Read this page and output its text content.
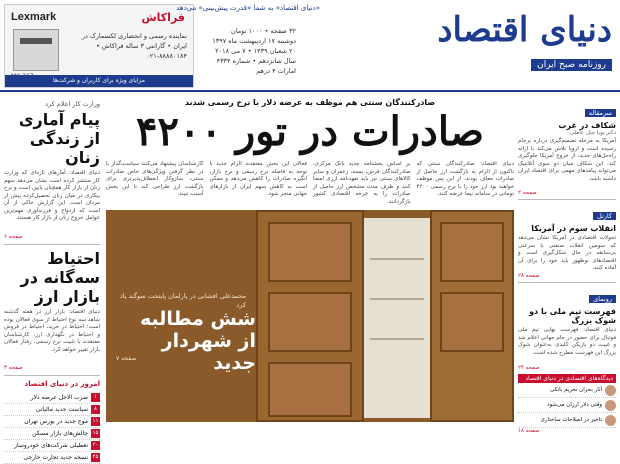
Lexmark	فراکاش
نماینده رسمی و انحصاری لکسمارک در ایران • گارانتی ۳ ساله فراکاش • ۸۸۸۸۰۱۸۴-۰۲۱
مزایای ویژه برای کاربران و شرکت‌ها
«دنیای اقتصاد» به شما «قدرت پیش‌بینی» می‌دهد
۳۲ صفحه • ۱۰۰۰ تومان
دوشنبه ۱۷ اردیبهشت ماه ۱۳۹۷
۲۰ شعبان ۱۴۳۹ • ۷ می ۲۰۱۸
سال شانزدهم • شماره ۴۳۳۴
امارات ۴ درهم
دنیای اقتصاد
روزنامه صبح ایران
وزارت کار اعلام کرد
پیام آماری از زندگی زنان
دنیای اقتصاد: آمارهای تازه‌ای که وزارت کار منتشر کرده است نشان می‌دهد سهم زنان از بازار کار همچنان پایین است و نرخ بیکاری در میان زنان تحصیل‌کرده بیش از مردان است. این گزارش حاکی از آن است که ازدواج و فرزندآوری مهم‌ترین عوامل خروج زنان از بازار کار هستند.
صفحه ۶
احتیاط سه‌گانه در بازار ارز
دنیای اقتصاد: بازار ارز در هفته گذشته شاهد سه نوع احتیاط از سوی فعالان بوده است؛ احتیاط در خرید، احتیاط در فروش و احتیاط در نگهداری ارز. کارشناسان معتقدند با تثبیت نرخ رسمی، رفتار فعالان بازار تغییر خواهد کرد.
صفحه ۳
امروز در دنیای اقتصاد
۱
ضرب الاجل عرضه دلار
۸
سیاست جدید مالیاتی
۱۱
موج جدید در بورس تهران
۱۵
چالش‌های بازار مسکن
۲۰
تعطیلی شرکت‌های خودروساز
۲۵
نسخه جدید تجارت خارجی
صادرکنندگان سنتی هم موظف به عرضه دلار با نرخ رسمی شدند
صادرات در تور ۴۲۰۰
دنیای اقتصاد: صادرکنندگان سنتی که تاکنون از الزام به بازگشت ارز حاصل از صادرات معاف بودند، از این پس موظف خواهند بود ارز خود را با نرخ رسمی ۴۲۰۰ تومانی در سامانه نیما عرضه کنند.
بر اساس بخشنامه جدید بانک مرکزی، صادرکنندگان فرش، پسته، زعفران و سایر کالاهای سنتی نیز باید تعهدنامه ارزی امضا کنند و ظرف مدت مشخص ارز حاصل از صادرات را به چرخه اقتصادی کشور بازگردانند.
فعالان این بخش معتقدند الزام جدید با توجه به فاصله نرخ رسمی و نرخ بازار، انگیزه صادرات را کاهش می‌دهد و ممکن است به کاهش سهم ایران از بازارهای جهانی منجر شود.
کارشناسان پیشنهاد می‌کنند سیاست‌گذار با در نظر گرفتن ویژگی‌های خاص صادرات سنتی، سازوکار انعطاف‌پذیرتری برای بازگشت ارز طراحی کند تا این بخش آسیب نبیند.
محمدعلی افشانی در پارلمان پایتخت سوگند یاد کرد
شش مطالبه از شهردار جدید
صفحه ۷
سرمقاله
شکاف در غرب
دکتر پویا جبل عاملی
آمریکا به مرحله تصمیم‌گیری درباره برجام رسیده است و اروپا تلاش می‌کند با ارائه راه‌حل‌های جدید، از خروج آمریکا جلوگیری کند. این شکاف میان دو سوی آتلانتیک می‌تواند پیامدهای مهمی برای اقتصاد ایران داشته باشد.
صفحه ۲
کارتل
انقلاب سوم در آمریکا
تحولات اقتصادی در آمریکا نشان می‌دهد که سومین انقلاب صنعتی با سرعتی بی‌سابقه در حال شکل‌گیری است و اقتصادهای نوظهور باید خود را برای آن آماده کنند.
صفحه ۲۸
رونمای
فهرست تیم ملی با دو شوک بزرگ
دنیای اقتصاد: فهرست نهایی تیم ملی فوتبال برای حضور در جام جهانی اعلام شد و غیبت دو بازیکن کلیدی به‌عنوان شوک بزرگ این فهرست مطرح شده است.
صفحه ۲۴
دیدگاه‌های اقتصادی در دنیای اقتصاد
آثار بحران تحریم بانکی
وقتی دلار ارزان می‌شود
تاخیر در اصلاحات ساختاری
صفحه ۱۸
